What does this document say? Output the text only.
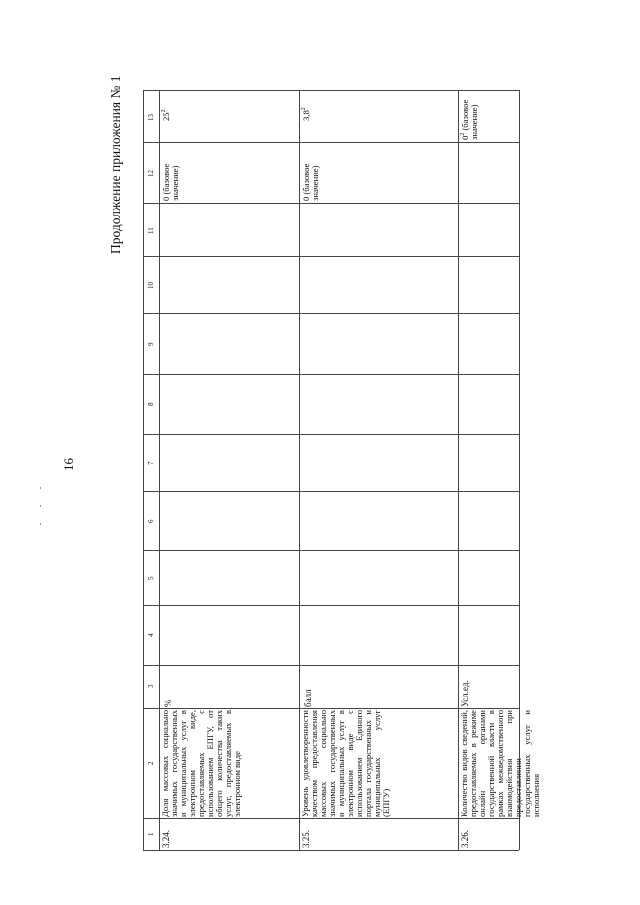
16
Продолжение приложения № 1
1
2
3
4
5
6
7
8
9
10
11
12
13
3.24.
Доля массовых социально значимых государственных и муниципальных услуг в электронном виде, предоставляемых с использованием ЕПГУ, от общего количества таких услуг, предоставляемых в электронном виде
%
0 (базовое значение)
$25^2$
3.25.
Уровень удовлетворенности качеством предоставления массовых социально значимых государственных и муниципальных услуг в электронном виде с использованием Единого портала государственных и муниципальных услуг (ЕПГУ)
балл
0 (базовое значение)
$3,8^2$
3.26.
Количество видов сведений, предоставляемых в режиме онлайн органами государственной власти в рамках межведомственного взаимодействия при предоставлении государственных услуг и исполнения
Усл.ед.
$0^2$ (базовое значение)
